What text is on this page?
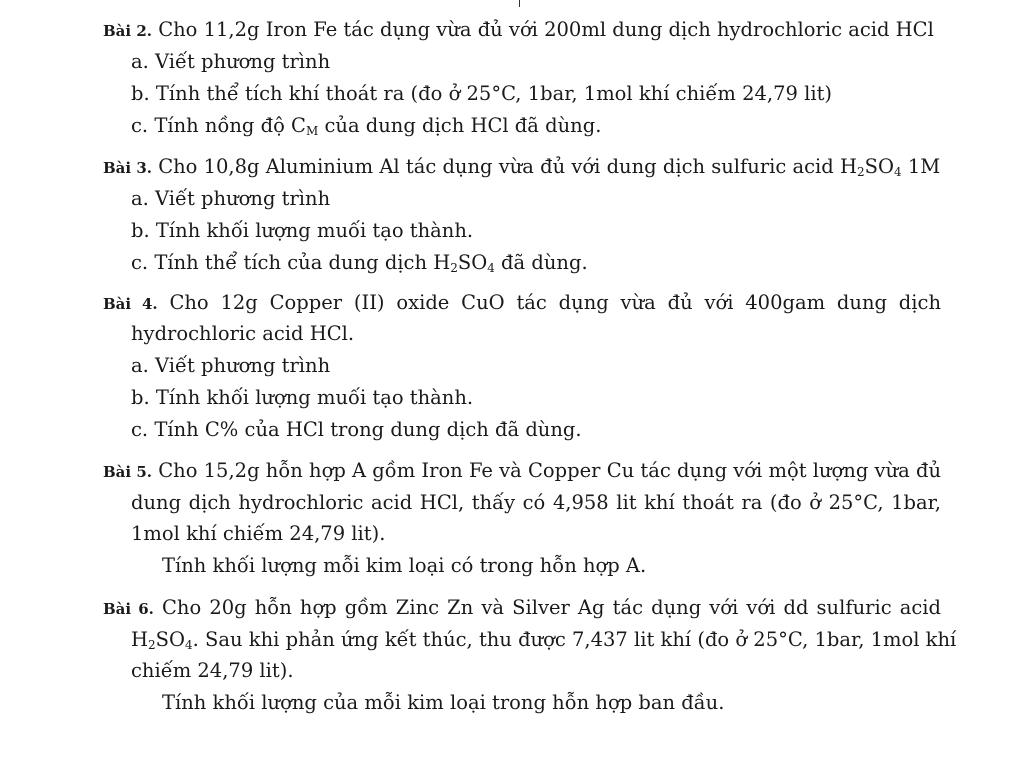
Bài 2. Cho 11,2g Iron Fe tác dụng vừa đủ với 200ml dung dịch hydrochloric acid HCl
a. Viết phương trình
b. Tính thể tích khí thoát ra (đo ở 25°C, 1bar, 1mol khí chiếm 24,79 lit)
c. Tính nồng độ $C_M$ của dung dịch HCl đã dùng.
Bài 3. Cho 10,8g Aluminium Al tác dụng vừa đủ với dung dịch sulfuric acid $H_2SO_4$ 1M
a. Viết phương trình
b. Tính khối lượng muối tạo thành.
c. Tính thể tích của dung dịch $H_2SO_4$ đã dùng.
Bài 4. Cho 12g Copper (II) oxide CuO tác dụng vừa đủ với 400gam dung dịch
hydrochloric acid HCl.
a. Viết phương trình
b. Tính khối lượng muối tạo thành.
c. Tính C% của HCl trong dung dịch đã dùng.
Bài 5. Cho 15,2g hỗn hợp A gồm Iron Fe và Copper Cu tác dụng với một lượng vừa đủ
dung dịch hydrochloric acid HCl, thấy có 4,958 lit khí thoát ra (đo ở 25°C, 1bar,
1mol khí chiếm 24,79 lit).
Tính khối lượng mỗi kim loại có trong hỗn hợp A.
Bài 6. Cho 20g hỗn hợp gồm Zinc Zn và Silver Ag tác dụng với với dd sulfuric acid
$H_2SO_4$. Sau khi phản ứng kết thúc, thu được 7,437 lit khí (đo ở 25°C, 1bar, 1mol khí
chiếm 24,79 lit).
Tính khối lượng của mỗi kim loại trong hỗn hợp ban đầu.
